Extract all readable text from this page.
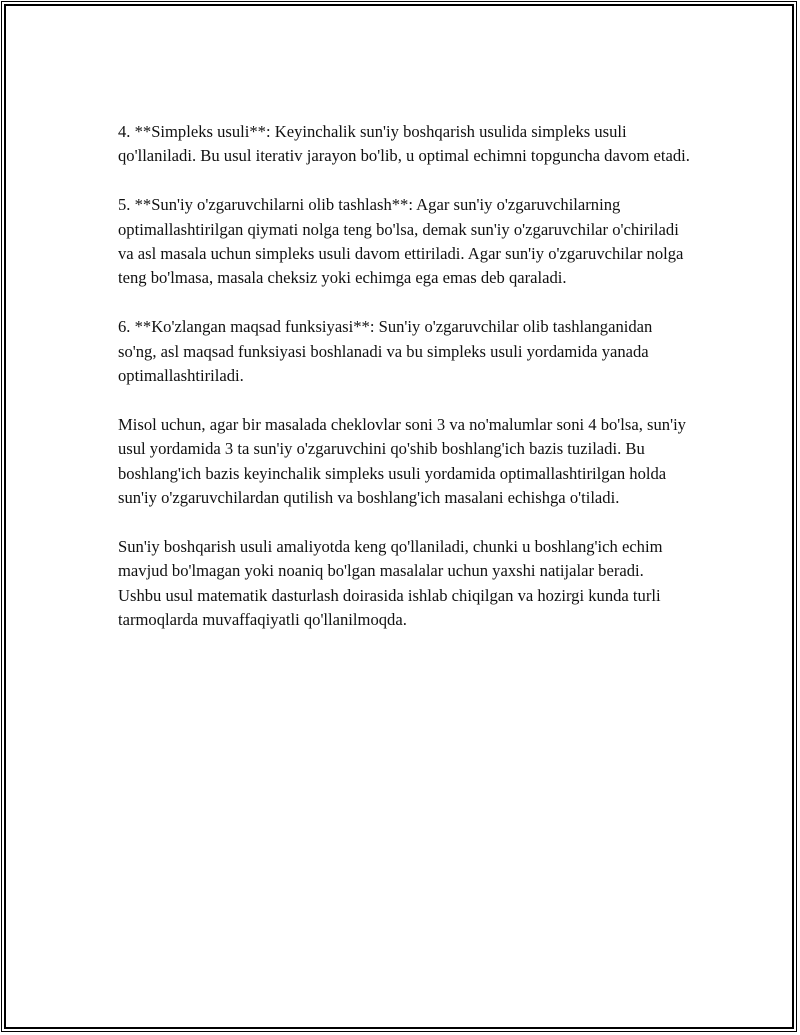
4. **Simpleks usuli**: Keyinchalik sun'iy boshqarish usulida simpleks usuli qo'llaniladi. Bu usul iterativ jarayon bo'lib, u optimal echimni topguncha davom etadi.

5. **Sun'iy o'zgaruvchilarni olib tashlash**: Agar sun'iy o'zgaruvchilarning optimallashtirilgan qiymati nolga teng bo'lsa, demak sun'iy o'zgaruvchilar o'chiriladi va asl masala uchun simpleks usuli davom ettiriladi. Agar sun'iy o'zgaruvchilar nolga teng bo'lmasa, masala cheksiz yoki echimga ega emas deb qaraladi.

6. **Ko'zlangan maqsad funksiyasi**: Sun'iy o'zgaruvchilar olib tashlanganidan so'ng, asl maqsad funksiyasi boshlanadi va bu simpleks usuli yordamida yanada optimallashtiriladi.

Misol uchun, agar bir masalada cheklovlar soni 3 va no'malumlar soni 4 bo'lsa, sun'iy usul yordamida 3 ta sun'iy o'zgaruvchini qo'shib boshlang'ich bazis tuziladi. Bu boshlang'ich bazis keyinchalik simpleks usuli yordamida optimallashtirilgan holda sun'iy o'zgaruvchilardan qutilish va boshlang'ich masalani echishga o'tiladi.

Sun'iy boshqarish usuli amaliyotda keng qo'llaniladi, chunki u boshlang'ich echim mavjud bo'lmagan yoki noaniq bo'lgan masalalar uchun yaxshi natijalar beradi. Ushbu usul matematik dasturlash doirasida ishlab chiqilgan va hozirgi kunda turli tarmoqlarda muvaffaqiyatli qo'llanilmoqda.
